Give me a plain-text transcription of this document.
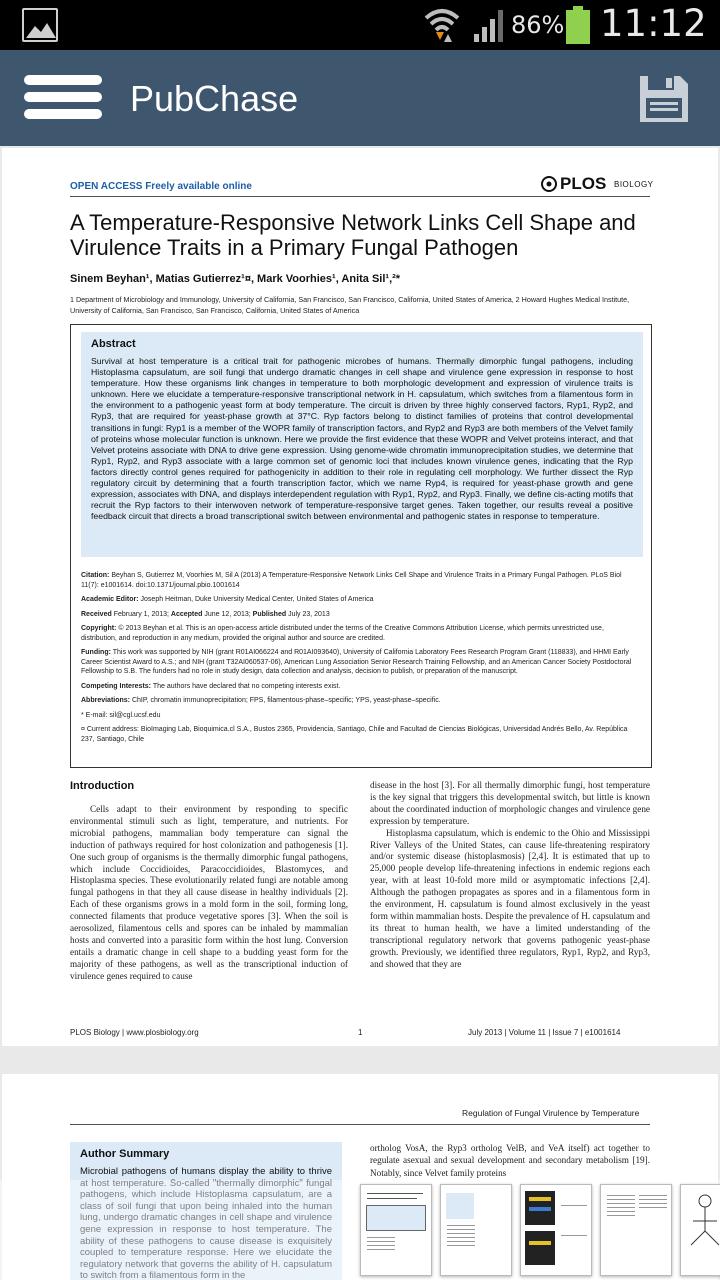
86% 11:12
PubChase
OPEN ACCESS Freely available online	PLOS BIOLOGY
A Temperature-Responsive Network Links Cell Shape and Virulence Traits in a Primary Fungal Pathogen
Sinem Beyhan¹, Matias Gutierrez¹¤, Mark Voorhies¹, Anita Sil¹,²*
1 Department of Microbiology and Immunology, University of California, San Francisco, San Francisco, California, United States of America, 2 Howard Hughes Medical Institute, University of California, San Francisco, San Francisco, California, United States of America
Abstract
Survival at host temperature is a critical trait for pathogenic microbes of humans. Thermally dimorphic fungal pathogens, including Histoplasma capsulatum, are soil fungi that undergo dramatic changes in cell shape and virulence gene expression in response to host temperature. How these organisms link changes in temperature to both morphologic development and expression of virulence traits is unknown. Here we elucidate a temperature-responsive transcriptional network in H. capsulatum, which switches from a filamentous form in the environment to a pathogenic yeast form at body temperature. The circuit is driven by three highly conserved factors, Ryp1, Ryp2, and Ryp3, that are required for yeast-phase growth at 37°C. Ryp factors belong to distinct families of proteins that control developmental transitions in fungi: Ryp1 is a member of the WOPR family of transcription factors, and Ryp2 and Ryp3 are both members of the Velvet family of proteins whose molecular function is unknown. Here we provide the first evidence that these WOPR and Velvet proteins interact, and that Velvet proteins associate with DNA to drive gene expression. Using genome-wide chromatin immunoprecipitation studies, we determine that Ryp1, Ryp2, and Ryp3 associate with a large common set of genomic loci that includes known virulence genes, indicating that the Ryp factors directly control genes required for pathogenicity in addition to their role in regulating cell morphology. We further dissect the Ryp regulatory circuit by determining that a fourth transcription factor, which we name Ryp4, is required for yeast-phase growth and gene expression, associates with DNA, and displays interdependent regulation with Ryp1, Ryp2, and Ryp3. Finally, we define cis-acting motifs that recruit the Ryp factors to their interwoven network of temperature-responsive target genes. Taken together, our results reveal a positive feedback circuit that directs a broad transcriptional switch between environmental and pathogenic states in response to temperature.

Citation: Beyhan S, Gutierrez M, Voorhies M, Sil A (2013) A Temperature-Responsive Network Links Cell Shape and Virulence Traits in a Primary Fungal Pathogen. PLoS Biol 11(7): e1001614. doi:10.1371/journal.pbio.1001614

Academic Editor: Joseph Heitman, Duke University Medical Center, United States of America

Received February 1, 2013; Accepted June 12, 2013; Published July 23, 2013

Copyright: © 2013 Beyhan et al. This is an open-access article distributed under the terms of the Creative Commons Attribution License, which permits unrestricted use, distribution, and reproduction in any medium, provided the original author and source are credited.

Funding: This work was supported by NIH (grant R01AI066224 and R01AI093640), University of California Laboratory Fees Research Program Grant (118833), and HHMI Early Career Scientist Award to A.S.; and NIH (grant T32AI060537-06), American Lung Association Senior Research Training Fellowship, and an American Cancer Society Postdoctoral Fellowship to S.B. The funders had no role in study design, data collection and analysis, decision to publish, or preparation of the manuscript.

Competing Interests: The authors have declared that no competing interests exist.

Abbreviations: ChIP, chromatin immunoprecipitation; FPS, filamentous-phase–specific; YPS, yeast-phase–specific.

* E-mail: sil@cgl.ucsf.edu

¤ Current address: BioImaging Lab, Bioquimica.cl S.A., Bustos 2365, Providencia, Santiago, Chile and Facultad de Ciencias Biológicas, Universidad Andrés Bello, Av. República 237, Santiago, Chile

Introduction
Cells adapt to their environment by responding to specific environmental stimuli such as light, temperature, and nutrients. For microbial pathogens, mammalian body temperature can signal the induction of pathways required for host colonization and pathogenesis [1]. One such group of organisms is the thermally dimorphic fungal pathogens, which include Coccidioides, Paracoccidioides, Blastomyces, and Histoplasma species. These evolutionarily related fungi are notable among fungal pathogens in that they all cause disease in healthy individuals [2]. Each of these organisms grows in a mold form in the soil, forming long, connected filaments that produce vegetative spores [3]. When the soil is aerosolized, filamentous cells and spores can be inhaled by mammalian hosts and converted into a parasitic form within the host lung. Conversion entails a dramatic change in cell shape to a budding yeast form for the majority of these pathogens, as well as the transcriptional induction of virulence genes required to cause
disease in the host [3]. For all thermally dimorphic fungi, host temperature is the key signal that triggers this developmental switch, but little is known about the coordinated induction of morphologic changes and virulence gene expression by temperature.
Histoplasma capsulatum, which is endemic to the Ohio and Mississippi River Valleys of the United States, can cause life-threatening respiratory and/or systemic disease (histoplasmosis) [2,4]. It is estimated that up to 25,000 people develop life-threatening infections in endemic regions each year, with at least 10-fold more mild or asymptomatic infections [2,4]. Although the pathogen propagates as spores and in a filamentous form in the environment, H. capsulatum is found almost exclusively in the yeast form within mammalian hosts. Despite the prevalence of H. capsulatum and its threat to human health, we have a limited understanding of the transcriptional regulatory network that governs pathogenic yeast-phase growth. Previously, we identified three regulators, Ryp1, Ryp2, and Ryp3, and showed that they are
PLOS Biology | www.plosbiology.org	1	July 2013 | Volume 11 | Issue 7 | e1001614
Regulation of Fungal Virulence by Temperature
Author Summary
Microbial pathogens of humans display the ability to thrive at host temperature. So-called "thermally dimorphic" fungal pathogens, which include Histoplasma capsulatum, are a class of soil fungi that upon being inhaled into the human lung, undergo dramatic changes in cell shape and virulence gene expression in response to host temperature. The ability of these pathogens to cause disease is exquisitely coupled to temperature response. Here we elucidate the regulatory network that governs the ability of H. capsulatum to switch from a filamentous form in the
ortholog VosA, the Ryp3 ortholog VelB, and VeA itself) act together to regulate asexual and sexual development and secondary metabolism [19]. Notably, since Velvet family proteins
